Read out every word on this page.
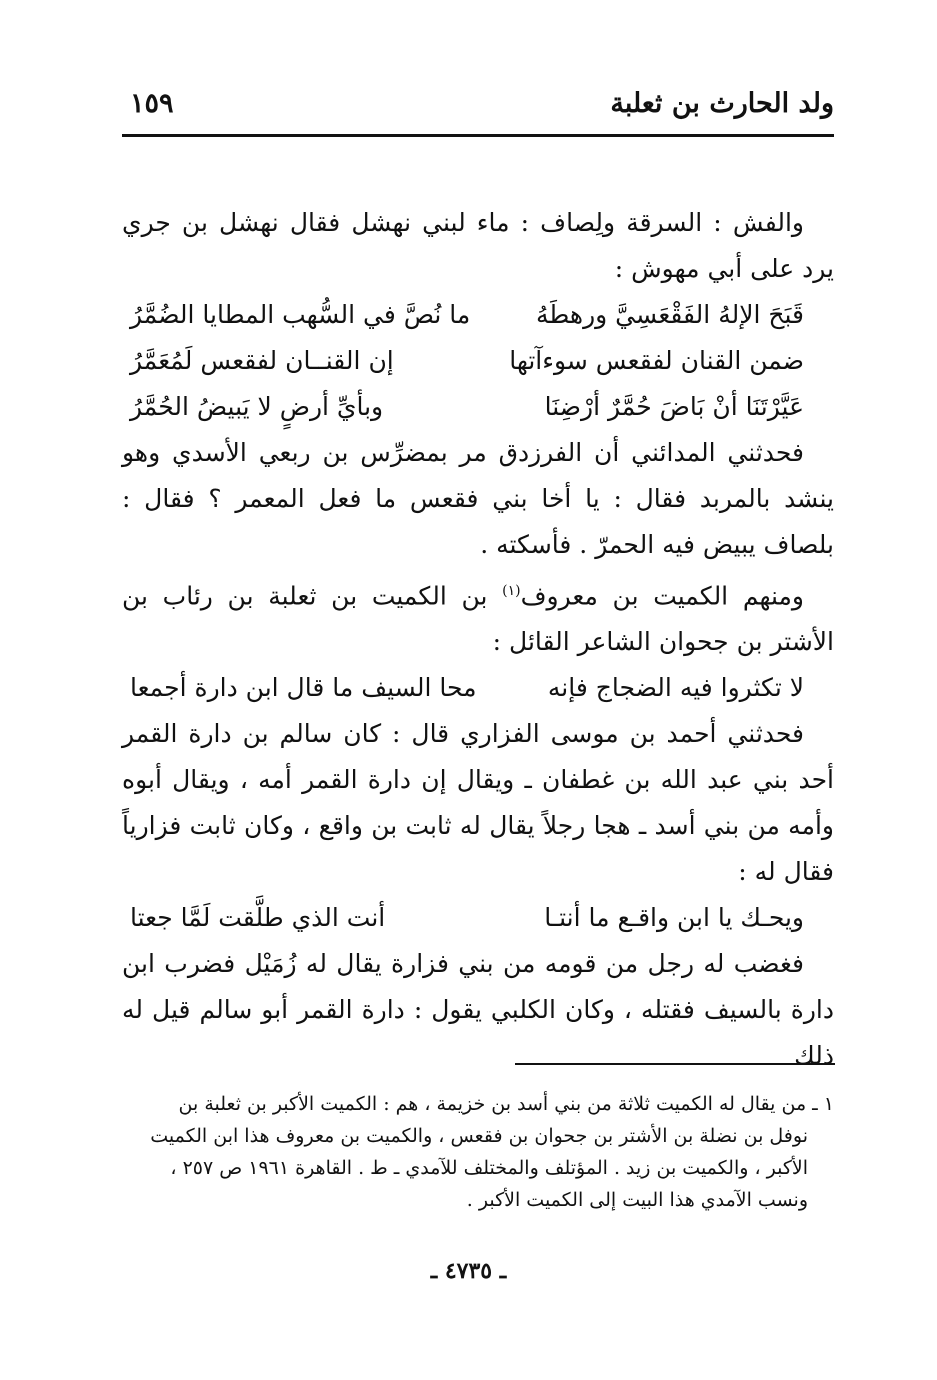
ولد الحارث بن ثعلبة
١٥٩

والفش : السرقة ولِصاف : ماء لبني نهشل فقال نهشل بن جري يرد على أبي مهوش :

قَبَحَ الإلهُ الفَقْعَسِيَّ ورهطَهُ
ما نُصَّ في السُّهب المطايا الضُمَّرُ
ضمن القنان لفقعس سوءآتها
إن القنــان لفقعس لَمُعَمَّرُ
عَيَّرْتَنَا أنْ بَاضَ حُمَّرٌ أرْضِنَا
وبأيِّ أرضٍ لا يَبيضُ الحُمَّرُ

فحدثني المدائني أن الفرزدق مر بمضرِّس بن ربعي الأسدي وهو ينشد بالمربد فقال : يا أخا بني فقعس ما فعل المعمر ؟ فقال : بلصاف يبيض فيه الحمرّ . فأسكته .

ومنهم الكميت بن معروف$^{(١)}$ بن الكميت بن ثعلبة بن رئاب بن الأشتر بن جحوان الشاعر القائل :

لا تكثروا فيه الضجاج فإنه
محا السيف ما قال ابن دارة أجمعا

فحدثني أحمد بن موسى الفزاري قال : كان سالم بن دارة القمر أحد بني عبد الله بن غطفان ـ ويقال إن دارة القمر أمه ، ويقال أبوه وأمه من بني أسد ـ هجا رجلاً يقال له ثابت بن واقع ، وكان ثابت فزارياً فقال له :

ويحـك يا ابن واقـع ما أنتـا
أنت الذي طلَّقت لَمَّا جعتا

فغضب له رجل من قومه من بني فزارة يقال له زُمَيْل فضرب ابن دارة بالسيف فقتله ، وكان الكلبي يقول : دارة القمر أبو سالم قيل له ذلك

١ ـ من يقال له الكميت ثلاثة من بني أسد بن خزيمة ، هم : الكميت الأكبر بن ثعلبة بن

نوفل بن نضلة بن الأشتر بن جحوان بن فقعس ، والكميت بن معروف هذا ابن الكميت

الأكبر ، والكميت بن زيد . المؤتلف والمختلف للآمدي ـ ط . القاهرة ١٩٦١ ص ٢٥٧ ،

ونسب الآمدي هذا البيت إلى الكميت الأكبر .

ـ ٤٧٣٥ ـ
